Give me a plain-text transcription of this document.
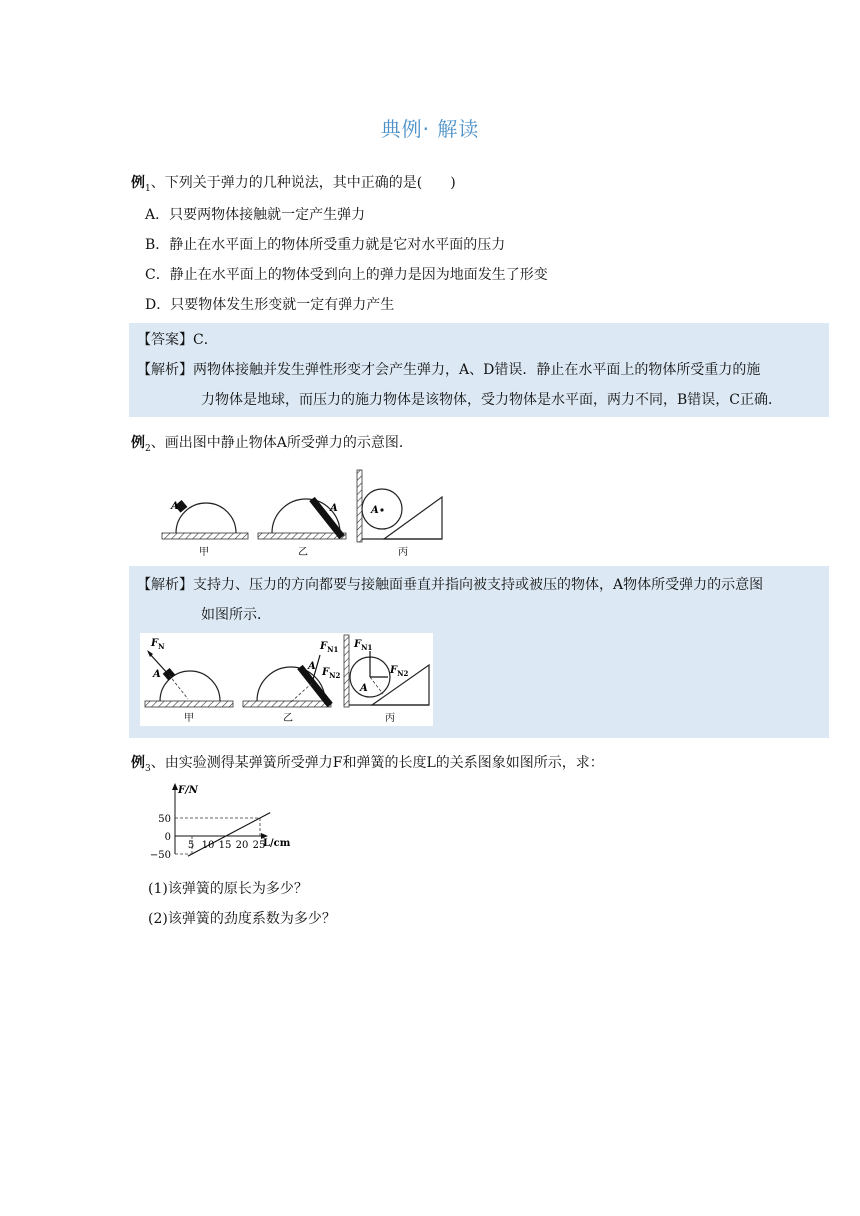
典例· 解读
例$_1$、下列关于弹力的几种说法，其中正确的是(　　)
A．只要两物体接触就一定产生弹力
B．静止在水平面上的物体所受重力就是它对水平面的压力
C．静止在水平面上的物体受到向上的弹力是因为地面发生了形变
D．只要物体发生形变就一定有弹力产生
【答案】C．
【解析】两物体接触并发生弹性形变才会产生弹力，A、D错误．静止在水平面上的物体所受重力的施
力物体是地球，而压力的施力物体是该物体，受力物体是水平面，两力不同，B错误，C正确．
例$_2$、画出图中静止物体A所受弹力的示意图．
A
甲
A
乙
A
丙
【解析】支持力、压力的方向都要与接触面垂直并指向被支持或被压的物体，A物体所受弹力的示意图
如图所示．
$F_N$
A
甲
$F_{N1}$
$F_{N2}$
A
乙
$F_{N1}$
$F_{N2}$
A
丙
例$_3$、由实验测得某弹簧所受弹力F和弹簧的长度L的关系图象如图所示，求：
F/N
L/cm
50
0
−50
5 10 15 20 25
(1)该弹簧的原长为多少？
(2)该弹簧的劲度系数为多少？
